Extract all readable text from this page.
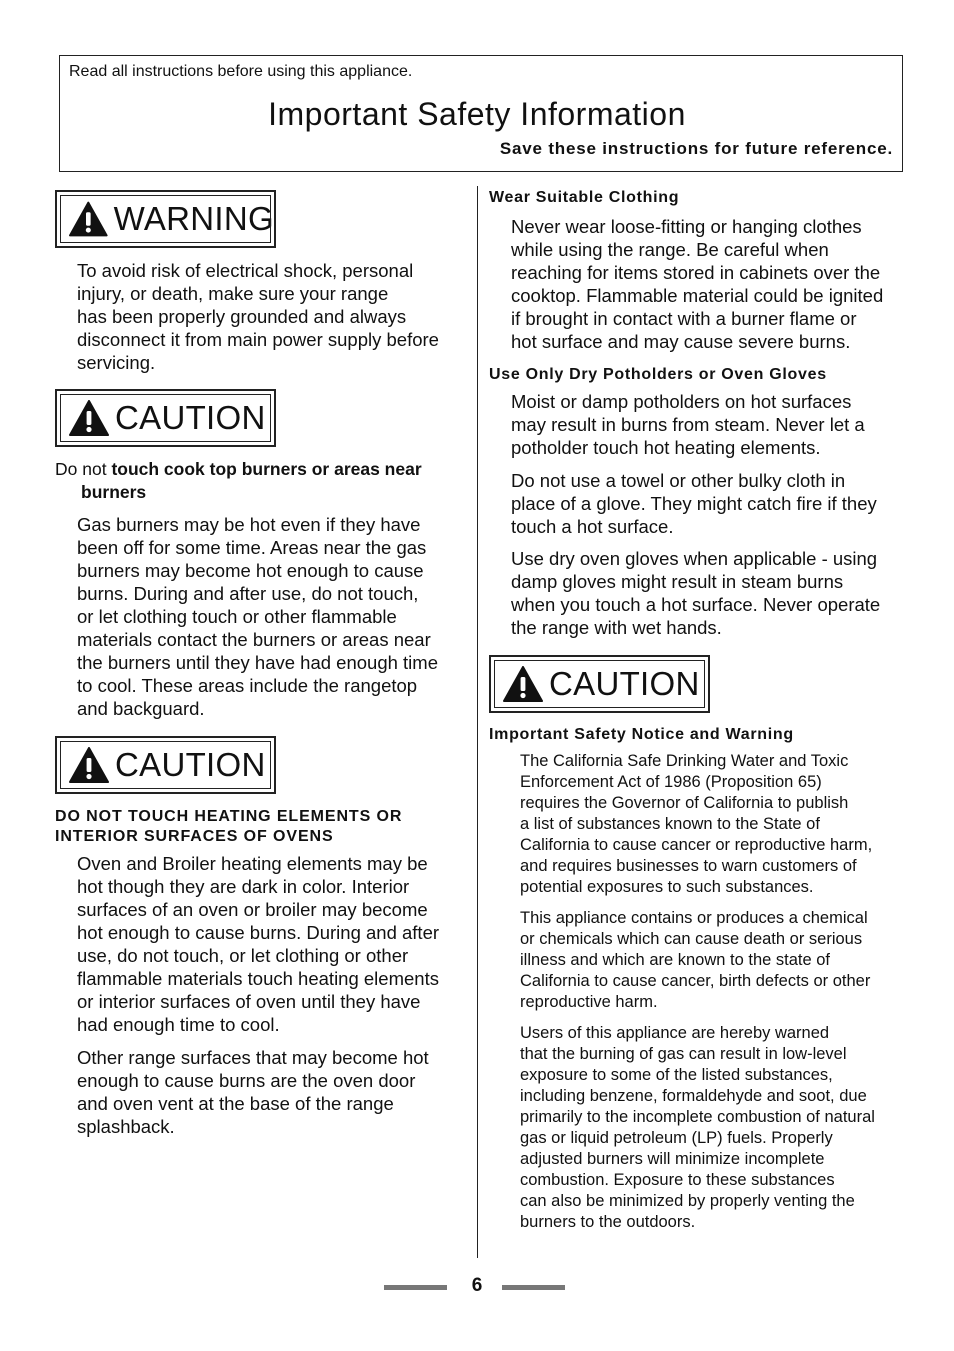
Read all instructions before using this appliance.
Important Safety Information
Save these instructions for future reference.
WARNING

To avoid risk of electrical shock, personal

injury, or death, make sure your range

has been properly grounded and always

disconnect it from main power supply before

servicing.

CAUTION

Do not touch cook top burners or areas near

burners

Gas burners may be hot even if they have

been off for some time. Areas near the gas

burners may become hot enough to cause

burns. During and after use, do not touch,

or let clothing touch or other flammable

materials contact the burners or areas near

the burners until they have had enough time

to cool. These areas include the rangetop

and backguard.

CAUTION
DO NOT TOUCH HEATING ELEMENTS OR
INTERIOR SURFACES OF OVENS

Oven and Broiler heating elements may be

hot though they are dark in color. Interior

surfaces of an oven or broiler may become

hot enough to cause burns. During and after

use, do not touch, or let clothing or other

flammable materials touch heating elements

or interior surfaces of oven until they have

had enough time to cool.

Other range surfaces that may become hot

enough to cause burns are the oven door

and oven vent at the base of the range

splashback.

Wear Suitable Clothing

Never wear loose-fitting or hanging clothes

while using the range. Be careful when

reaching for items stored in cabinets over the

cooktop. Flammable material could be ignited

if brought in contact with a burner flame or

hot surface and may cause severe burns.

Use Only Dry Potholders or Oven Gloves

Moist or damp potholders on hot surfaces

may result in burns from steam. Never let a

potholder touch hot heating elements.

Do not use a towel or other bulky cloth in

place of a glove. They might catch fire if they

touch a hot surface.

Use dry oven gloves when applicable - using

damp gloves might result in steam burns

when you touch a hot surface. Never operate

the range with wet hands.

CAUTION
Important Safety Notice and Warning

The California Safe Drinking Water and Toxic

Enforcement Act of 1986 (Proposition 65)

requires the Governor of California to publish

a list of substances known to the State of

California to cause cancer or reproductive harm,

and requires businesses to warn customers of

potential exposures to such substances.

This appliance contains or produces a chemical

or chemicals which can cause death or serious

illness and which are known to the state of

California to cause cancer, birth defects or other

reproductive harm.

Users of this appliance are hereby warned

that the burning of gas can result in low-level

exposure to some of the listed substances,

including benzene, formaldehyde and soot, due

primarily to the incomplete combustion of natural

gas or liquid petroleum (LP) fuels. Properly

adjusted burners will minimize incomplete

combustion. Exposure to these substances

can also be minimized by properly venting the

burners to the outdoors.

6
